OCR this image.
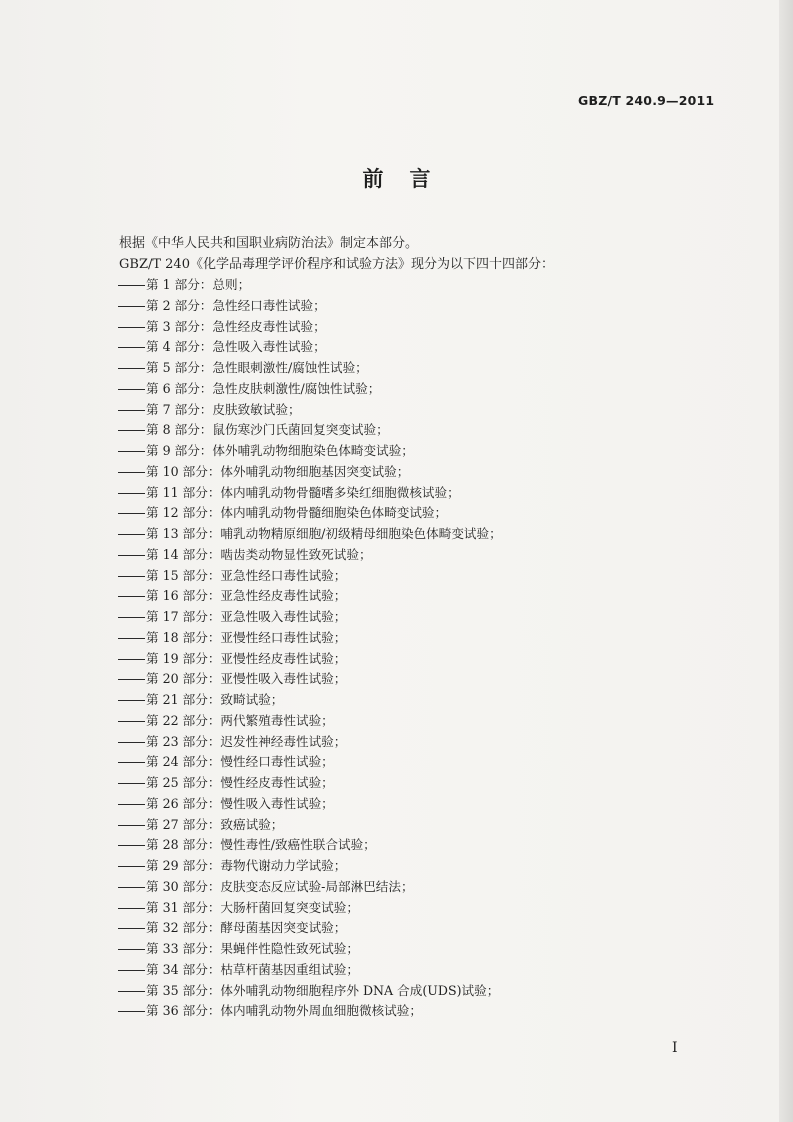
GBZ/T 240.9—2011
前言
根据《中华人民共和国职业病防治法》制定本部分。
GBZ/T 240《化学品毒理学评价程序和试验方法》现分为以下四十四部分：
第 1 部分：总则；
第 2 部分：急性经口毒性试验；
第 3 部分：急性经皮毒性试验；
第 4 部分：急性吸入毒性试验；
第 5 部分：急性眼刺激性/腐蚀性试验；
第 6 部分：急性皮肤刺激性/腐蚀性试验；
第 7 部分：皮肤致敏试验；
第 8 部分：鼠伤寒沙门氏菌回复突变试验；
第 9 部分：体外哺乳动物细胞染色体畸变试验；
第 10 部分：体外哺乳动物细胞基因突变试验；
第 11 部分：体内哺乳动物骨髓嗜多染红细胞微核试验；
第 12 部分：体内哺乳动物骨髓细胞染色体畸变试验；
第 13 部分：哺乳动物精原细胞/初级精母细胞染色体畸变试验；
第 14 部分：啮齿类动物显性致死试验；
第 15 部分：亚急性经口毒性试验；
第 16 部分：亚急性经皮毒性试验；
第 17 部分：亚急性吸入毒性试验；
第 18 部分：亚慢性经口毒性试验；
第 19 部分：亚慢性经皮毒性试验；
第 20 部分：亚慢性吸入毒性试验；
第 21 部分：致畸试验；
第 22 部分：两代繁殖毒性试验；
第 23 部分：迟发性神经毒性试验；
第 24 部分：慢性经口毒性试验；
第 25 部分：慢性经皮毒性试验；
第 26 部分：慢性吸入毒性试验；
第 27 部分：致癌试验；
第 28 部分：慢性毒性/致癌性联合试验；
第 29 部分：毒物代谢动力学试验；
第 30 部分：皮肤变态反应试验-局部淋巴结法；
第 31 部分：大肠杆菌回复突变试验；
第 32 部分：酵母菌基因突变试验；
第 33 部分：果蝇伴性隐性致死试验；
第 34 部分：枯草杆菌基因重组试验；
第 35 部分：体外哺乳动物细胞程序外 DNA 合成(UDS)试验；
第 36 部分：体内哺乳动物外周血细胞微核试验；
I
